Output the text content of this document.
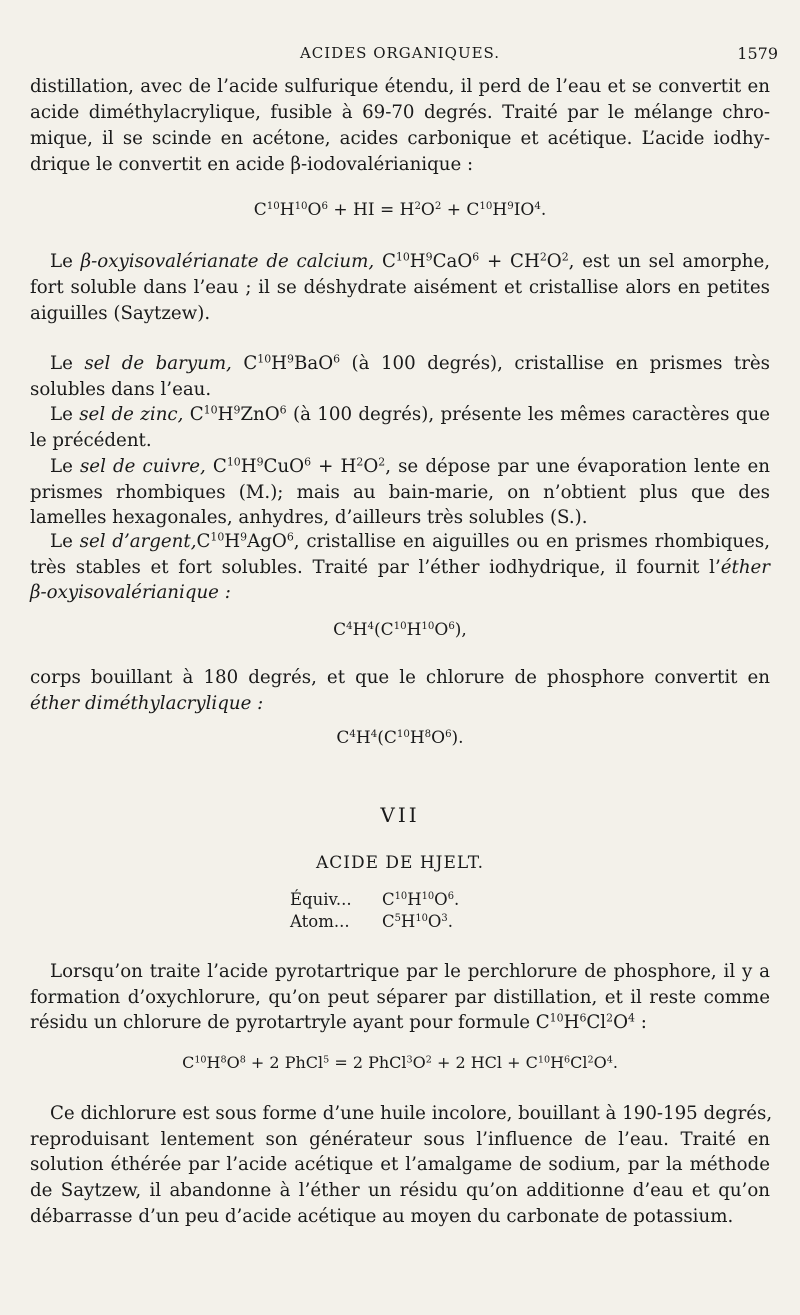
ACIDES ORGANIQUES.	1579
distillation, avec de l’acide sulfurique étendu, il perd de l’eau et se convertit en
acide diméthylacrylique, fusible à 69-70 degrés. Traité par le mélange chro-
mique, il se scinde en acétone, acides carbonique et acétique. L’acide iodhy-
drique le convertit en acide β-iodovalérianique :
$C^{10}H^{10}O^6$ + HI = $H^2O^2 + C^{10}H^9IO^4$.
Le β-oxyisovalérianate de calcium, $C^{10}H^9CaO^6 + CH^2O^2$, est un sel amorphe,
fort soluble dans l’eau ; il se déshydrate aisément et cristallise alors en petites
aiguilles (Saytzew).
Le sel de baryum, $C^{10}H^9BaO^6$ (à 100 degrés), cristallise en prismes très
solubles dans l’eau.
Le sel de zinc, $C^{10}H^9ZnO^6$ (à 100 degrés), présente les mêmes caractères que
le précédent.
Le sel de cuivre, $C^{10}H^9CuO^6 + H^2O^2$, se dépose par une évaporation lente en
prismes rhombiques (M.); mais au bain-marie, on n’obtient plus que des
lamelles hexagonales, anhydres, d’ailleurs très solubles (S.).
Le sel $d’argent,C^{10}H^9AgO^6$, cristallise en aiguilles ou en prismes rhombiques,
très stables et fort solubles. Traité par l’éther iodhydrique, il fournit l’éther
β-oxyisovalérianique :
$C^4H^4(C^{10}H^{10}O^6)$,
corps bouillant à 180 degrés, et que le chlorure de phosphore convertit en
éther diméthylacrylique :
$C^4H^4(C^{10}H^8O^6)$.
VII
ACIDE DE HJELT.
Équiv... $C^{10}H^{10}O^6$.
Atom... $C^5H^{10}O^3$.
Lorsqu’on traite l’acide pyrotartrique par le perchlorure de phosphore, il y a
formation d’oxychlorure, qu’on peut séparer par distillation, et il reste comme
résidu un chlorure de pyrotartryle ayant pour formule $C^{10}H^6Cl^2O^4$ :
$C^{10}H^8O^8 + 2$ PhCl$^5$ = 2 $PhCl^3O^2 + 2$ HCl + $C^{10}H^6Cl^2O^4$.
Ce dichlorure est sous forme d’une huile incolore, bouillant à 190-195 degrés,
reproduisant lentement son générateur sous l’influence de l’eau. Traité en
solution éthérée par l’acide acétique et l’amalgame de sodium, par la méthode
de Saytzew, il abandonne à l’éther un résidu qu’on additionne d’eau et qu’on
débarrasse d’un peu d’acide acétique au moyen du carbonate de potassium.
